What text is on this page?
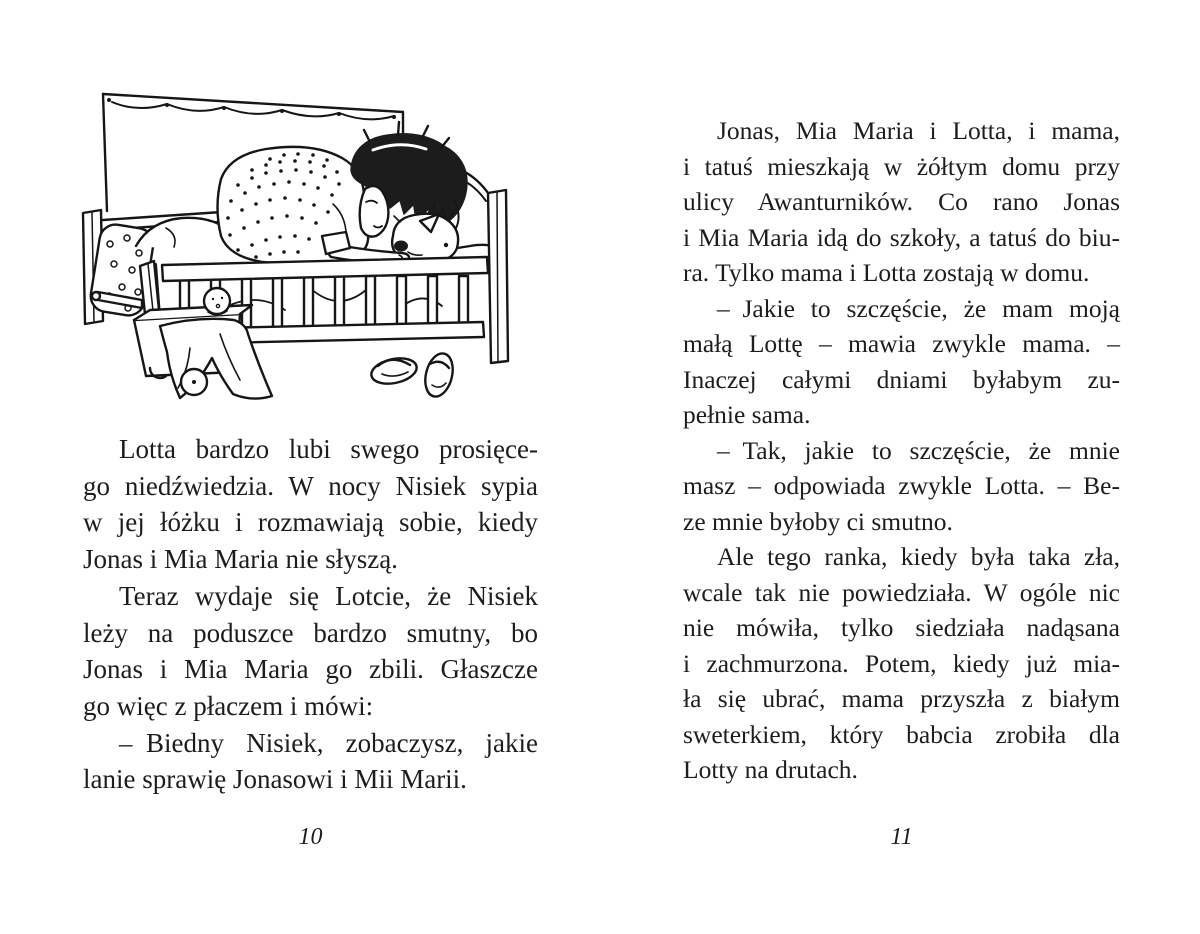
Lotta bardzo lubi swego prosięce-
go niedźwiedzia. W nocy Nisiek sypia
w jej łóżku i rozmawiają sobie, kiedy
Jonas i Mia Maria nie słyszą.
Teraz wydaje się Lotcie, że Nisiek
leży na poduszce bardzo smutny, bo
Jonas i Mia Maria go zbili. Głaszcze
go więc z płaczem i mówi:
– Biedny Nisiek, zobaczysz, jakie
lanie sprawię Jonasowi i Mii Marii.
Jonas, Mia Maria i Lotta, i mama,
i tatuś mieszkają w żółtym domu przy
ulicy Awanturników. Co rano Jonas
i Mia Maria idą do szkoły, a tatuś do biu-
ra. Tylko mama i Lotta zostają w domu.
– Jakie to szczęście, że mam moją
małą Lottę – mawia zwykle mama. –
Inaczej całymi dniami byłabym zu-
pełnie sama.
– Tak, jakie to szczęście, że mnie
masz – odpowiada zwykle Lotta. – Be-
ze mnie byłoby ci smutno.
Ale tego ranka, kiedy była taka zła,
wcale tak nie powiedziała. W ogóle nic
nie mówiła, tylko siedziała nadąsana
i zachmurzona. Potem, kiedy już mia-
ła się ubrać, mama przyszła z białym
sweterkiem, który babcia zrobiła dla
Lotty na drutach.
10	11
